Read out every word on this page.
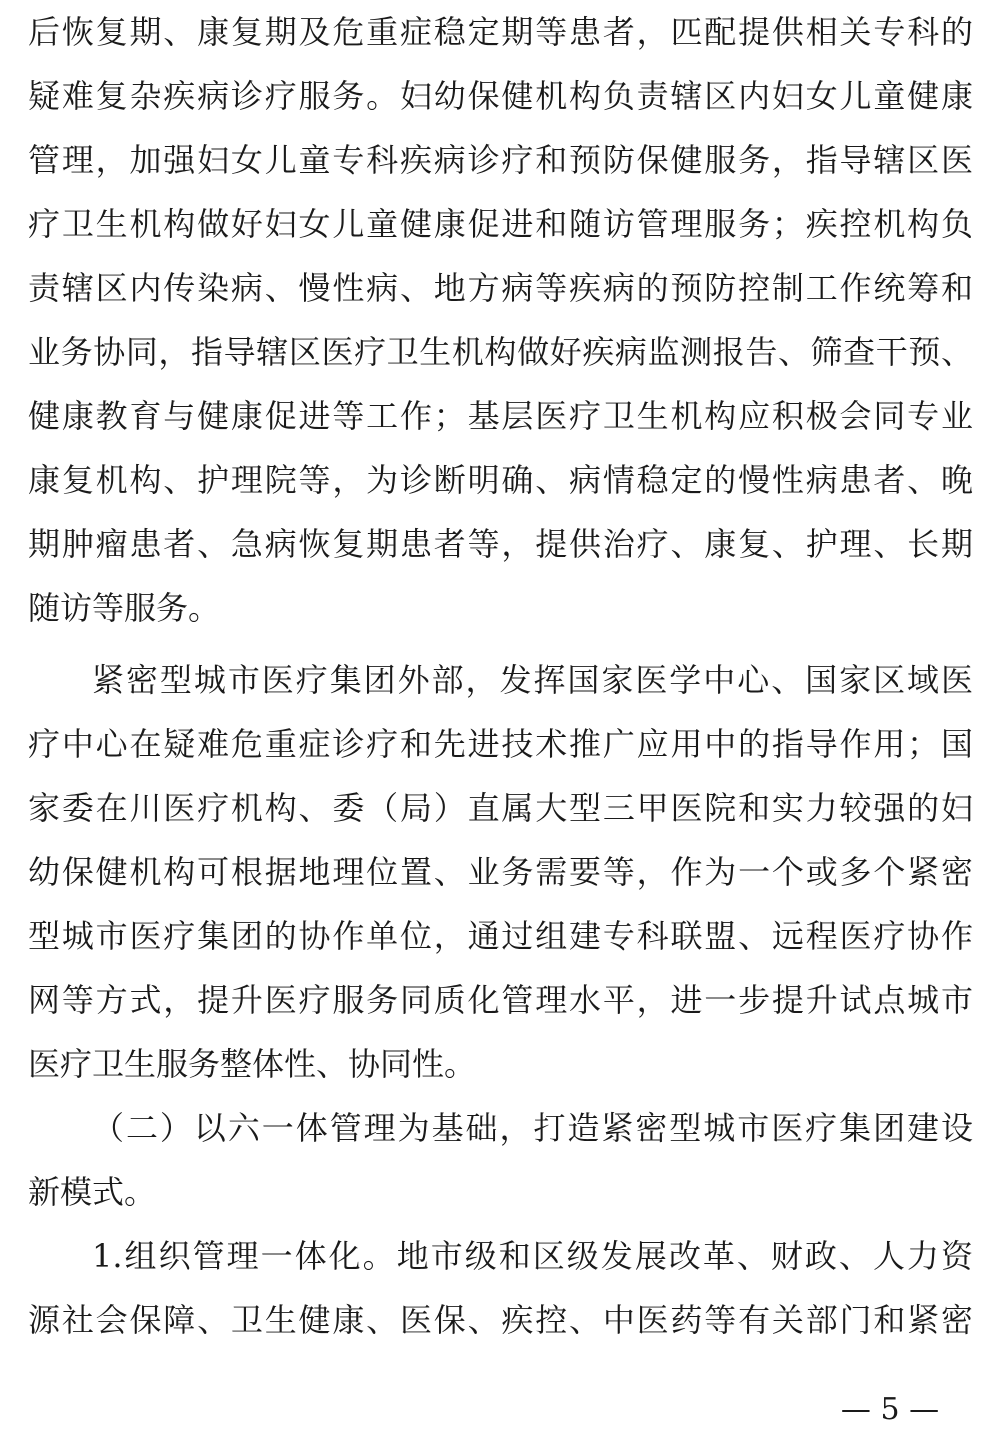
后恢复期、康复期及危重症稳定期等患者，匹配提供相关专科的
疑难复杂疾病诊疗服务。妇幼保健机构负责辖区内妇女儿童健康
管理，加强妇女儿童专科疾病诊疗和预防保健服务，指导辖区医
疗卫生机构做好妇女儿童健康促进和随访管理服务；疾控机构负
责辖区内传染病、慢性病、地方病等疾病的预防控制工作统筹和
业务协同，指导辖区医疗卫生机构做好疾病监测报告、筛查干预、
健康教育与健康促进等工作；基层医疗卫生机构应积极会同专业
康复机构、护理院等，为诊断明确、病情稳定的慢性病患者、晚
期肿瘤患者、急病恢复期患者等，提供治疗、康复、护理、长期
随访等服务。
紧密型城市医疗集团外部，发挥国家医学中心、国家区域医
疗中心在疑难危重症诊疗和先进技术推广应用中的指导作用；国
家委在川医疗机构、委（局）直属大型三甲医院和实力较强的妇
幼保健机构可根据地理位置、业务需要等，作为一个或多个紧密
型城市医疗集团的协作单位，通过组建专科联盟、远程医疗协作
网等方式，提升医疗服务同质化管理水平，进一步提升试点城市
医疗卫生服务整体性、协同性。
（二）以六一体管理为基础，打造紧密型城市医疗集团建设
新模式。
1.组织管理一体化。地市级和区级发展改革、财政、人力资
源社会保障、卫生健康、医保、疾控、中医药等有关部门和紧密
— 5 —
